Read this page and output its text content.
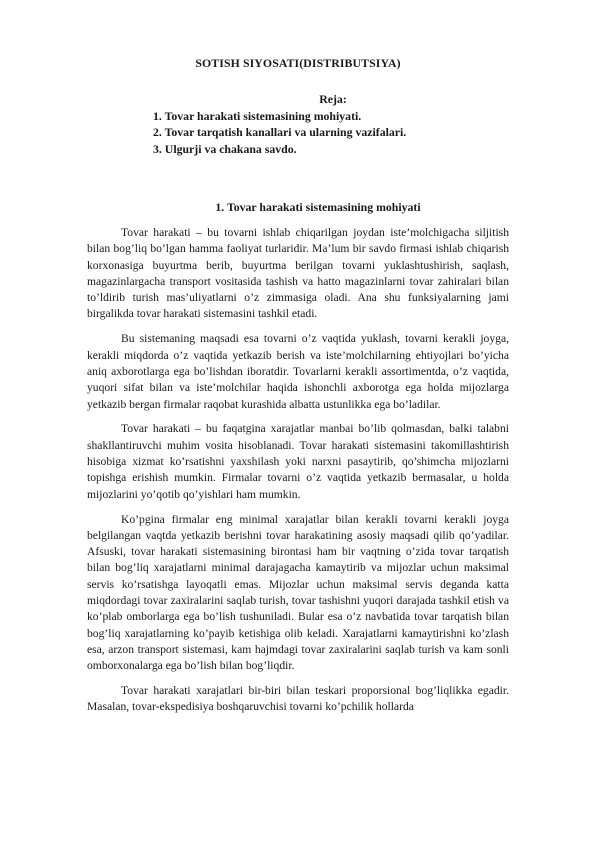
SOTISH SIYOSATI(DISTRIBUTSIYA)
Reja:
1. Tovar harakati sistemasining mohiyati.
2. Tovar tarqatish kanallari va ularning vazifalari.
3. Ulgurji va chakana savdo.
1. Tovar harakati sistemasining mohiyati

Tovar harakati – bu tovarni ishlab chiqarilgan joydan iste’molchigacha siljitish bilan bog’liq bo’lgan hamma faoliyat turlaridir. Ma’lum bir savdo firmasi ishlab chiqarish korxonasiga buyurtma berib, buyurtma berilgan tovarni yuklashtushirish, saqlash, magazinlargacha transport vositasida tashish va hatto magazinlarni tovar zahiralari bilan to’ldirib turish mas’uliyatlarni o’z zimmasiga oladi. Ana shu funksiyalarning jami birgalikda tovar harakati sistemasini tashkil etadi.

Bu sistemaning maqsadi esa tovarni o’z vaqtida yuklash, tovarni kerakli joyga, kerakli miqdorda o’z vaqtida yetkazib berish va iste’molchilarning ehtiyojlari bo’yicha aniq axborotlarga ega bo’lishdan iboratdir. Tovarlarni kerakli assortimentda, o’z vaqtida, yuqori sifat bilan va iste’molchilar haqida ishonchli axborotga ega holda mijozlarga yetkazib bergan firmalar raqobat kurashida albatta ustunlikka ega bo’ladilar.

Tovar harakati – bu faqatgina xarajatlar manbai bo’lib qolmasdan, balki talabni shakllantiruvchi muhim vosita hisoblanadi. Tovar harakati sistemasini takomillashtirish hisobiga xizmat ko’rsatishni yaxshilash yoki narxni pasaytirib, qo’shimcha mijozlarni topishga erishish mumkin. Firmalar tovarni o’z vaqtida yetkazib bermasalar, u holda mijozlarini yo’qotib qo’yishlari ham mumkin.

Ko’pgina firmalar eng minimal xarajatlar bilan kerakli tovarni kerakli joyga belgilangan vaqtda yetkazib berishni tovar harakatining asosiy maqsadi qilib qo’yadilar. Afsuski, tovar harakati sistemasining birontasi ham bir vaqtning o’zida tovar tarqatish bilan bog’liq xarajatlarni minimal darajagacha kamaytirib va mijozlar uchun maksimal servis ko’rsatishga layoqatli emas. Mijozlar uchun maksimal servis deganda katta miqdordagi tovar zaxiralarini saqlab turish, tovar tashishni yuqori darajada tashkil etish va ko’plab omborlarga ega bo’lish tushuniladi. Bular esa o’z navbatida tovar tarqatish bilan bog’liq xarajatlarning ko’payib ketishiga olib keladi. Xarajatlarni kamaytirishni ko’zlash esa, arzon transport sistemasi, kam hajmdagi tovar zaxiralarini saqlab turish va kam sonli omborxonalarga ega bo’lish bilan bog’liqdir.

Tovar harakati xarajatlari bir-biri bilan teskari proporsional bog’liqlikka egadir. Masalan, tovar-ekspedisiya boshqaruvchisi tovarni ko’pchilik hollarda
